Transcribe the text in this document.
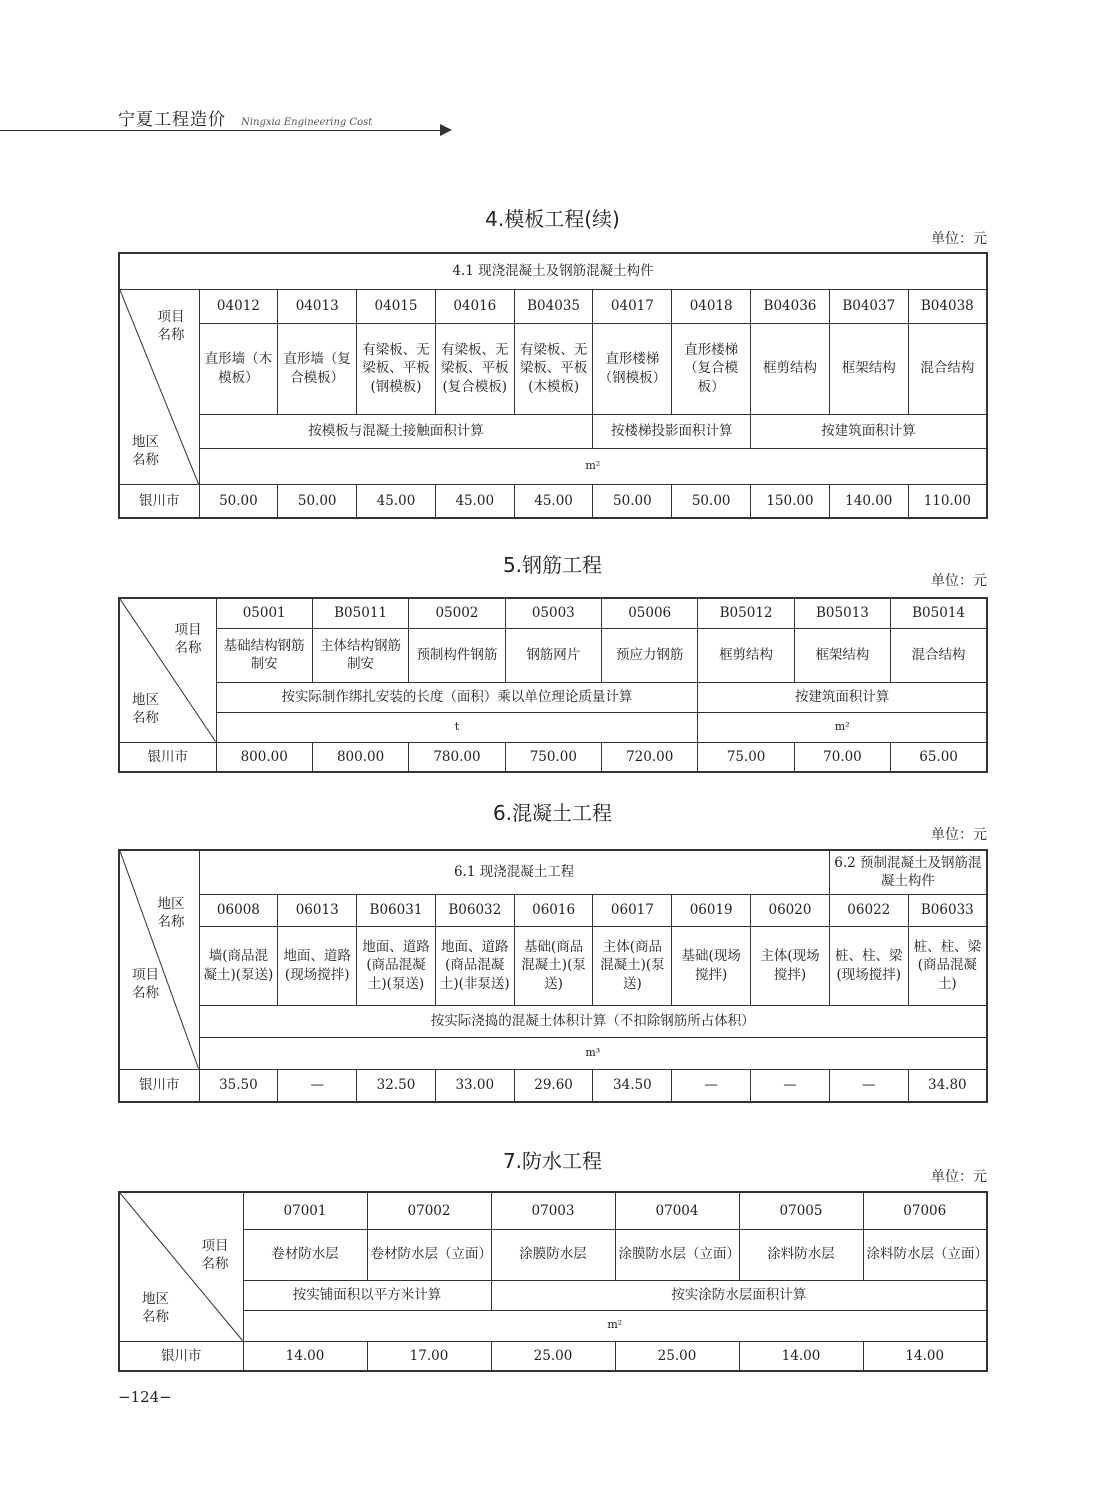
宁夏工程造价 Ningxia Engineering Cost
4.模板工程(续)
单位：元
4.1 现浇混凝土及钢筋混凝土构件										

项目
名称
地区
名称	04012	04013	04015	04016	B04035	04017	04018	B04036	B04037	B04038
	直形墙（木模板）	直形墙（复合模板）	有梁板、无梁板、平板(钢模板)	有梁板、无梁板、平板(复合模板)	有梁板、无梁板、平板(木模板)	直形楼梯（钢模板）	直形楼梯（复合模板）	框剪结构	框架结构	混合结构
	按模板与混凝土接触面积计算					按楼梯投影面积计算		按建筑面积计算		
	m²									
银川市	50.00	50.00	45.00	45.00	45.00	50.00	50.00	150.00	140.00	110.00
5.钢筋工程
单位：元
项目
名称
地区
名称	05001	B05011	05002	05003	05006	B05012	B05013	B05014
	基础结构钢筋制安	主体结构钢筋制安	预制构件钢筋	钢筋网片	预应力钢筋	框剪结构	框架结构	混合结构
	按实际制作绑扎安装的长度（面积）乘以单位理论质量计算					按建筑面积计算		
	t					m²		
银川市	800.00	800.00	780.00	750.00	720.00	75.00	70.00	65.00
6.混凝土工程
单位：元
地区
名称
项目
名称	6.1 现浇混凝土工程								6.2 预制混凝土及钢筋混凝土构件	
	06008	06013	B06031	B06032	06016	06017	06019	06020	06022	B06033
	墙(商品混凝土)(泵送)	地面、道路(现场搅拌)	地面、道路(商品混凝土)(泵送)	地面、道路(商品混凝土)(非泵送)	基础(商品混凝土)(泵送)	主体(商品混凝土)(泵送)	基础(现场搅拌)	主体(现场搅拌)	桩、柱、梁(现场搅拌)	桩、柱、梁(商品混凝土)
	按实际浇捣的混凝土体积计算（不扣除钢筋所占体积）									
	m³									
银川市	35.50	—	32.50	33.00	29.60	34.50	—	—	—	34.80
7.防水工程
单位：元
项目
名称
地区
名称	07001	07002	07003	07004	07005	07006
	卷材防水层	卷材防水层（立面）	涂膜防水层	涂膜防水层（立面）	涂料防水层	涂料防水层（立面）
	按实铺面积以平方米计算		按实涂防水层面积计算			
	m²					
银川市	14.00	17.00	25.00	25.00	14.00	14.00
−124−
